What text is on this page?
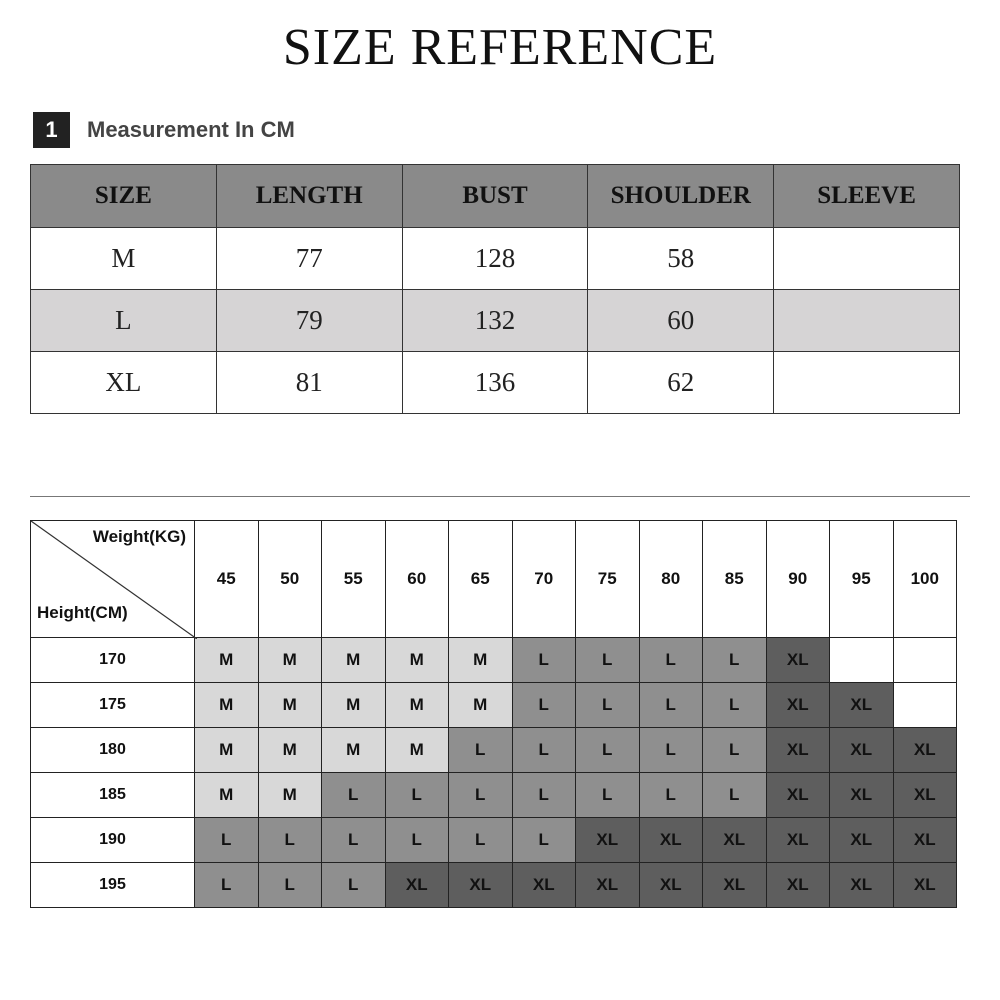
SIZE REFERENCE
1	Measurement In CM
SIZE	LENGTH	BUST	SHOULDER	SLEEVE
M	77	128	58	
L	79	132	60	
XL	81	136	62	
Weight(KG)
Height(CM)	45	50	55	60	65	70	75	80	85	90	95	100
170	M	M	M	M	M	L	L	L	L	XL		
175	M	M	M	M	M	L	L	L	L	XL	XL	
180	M	M	M	M	L	L	L	L	L	XL	XL	XL
185	M	M	L	L	L	L	L	L	L	XL	XL	XL
190	L	L	L	L	L	L	XL	XL	XL	XL	XL	XL
195	L	L	L	XL	XL	XL	XL	XL	XL	XL	XL	XL
